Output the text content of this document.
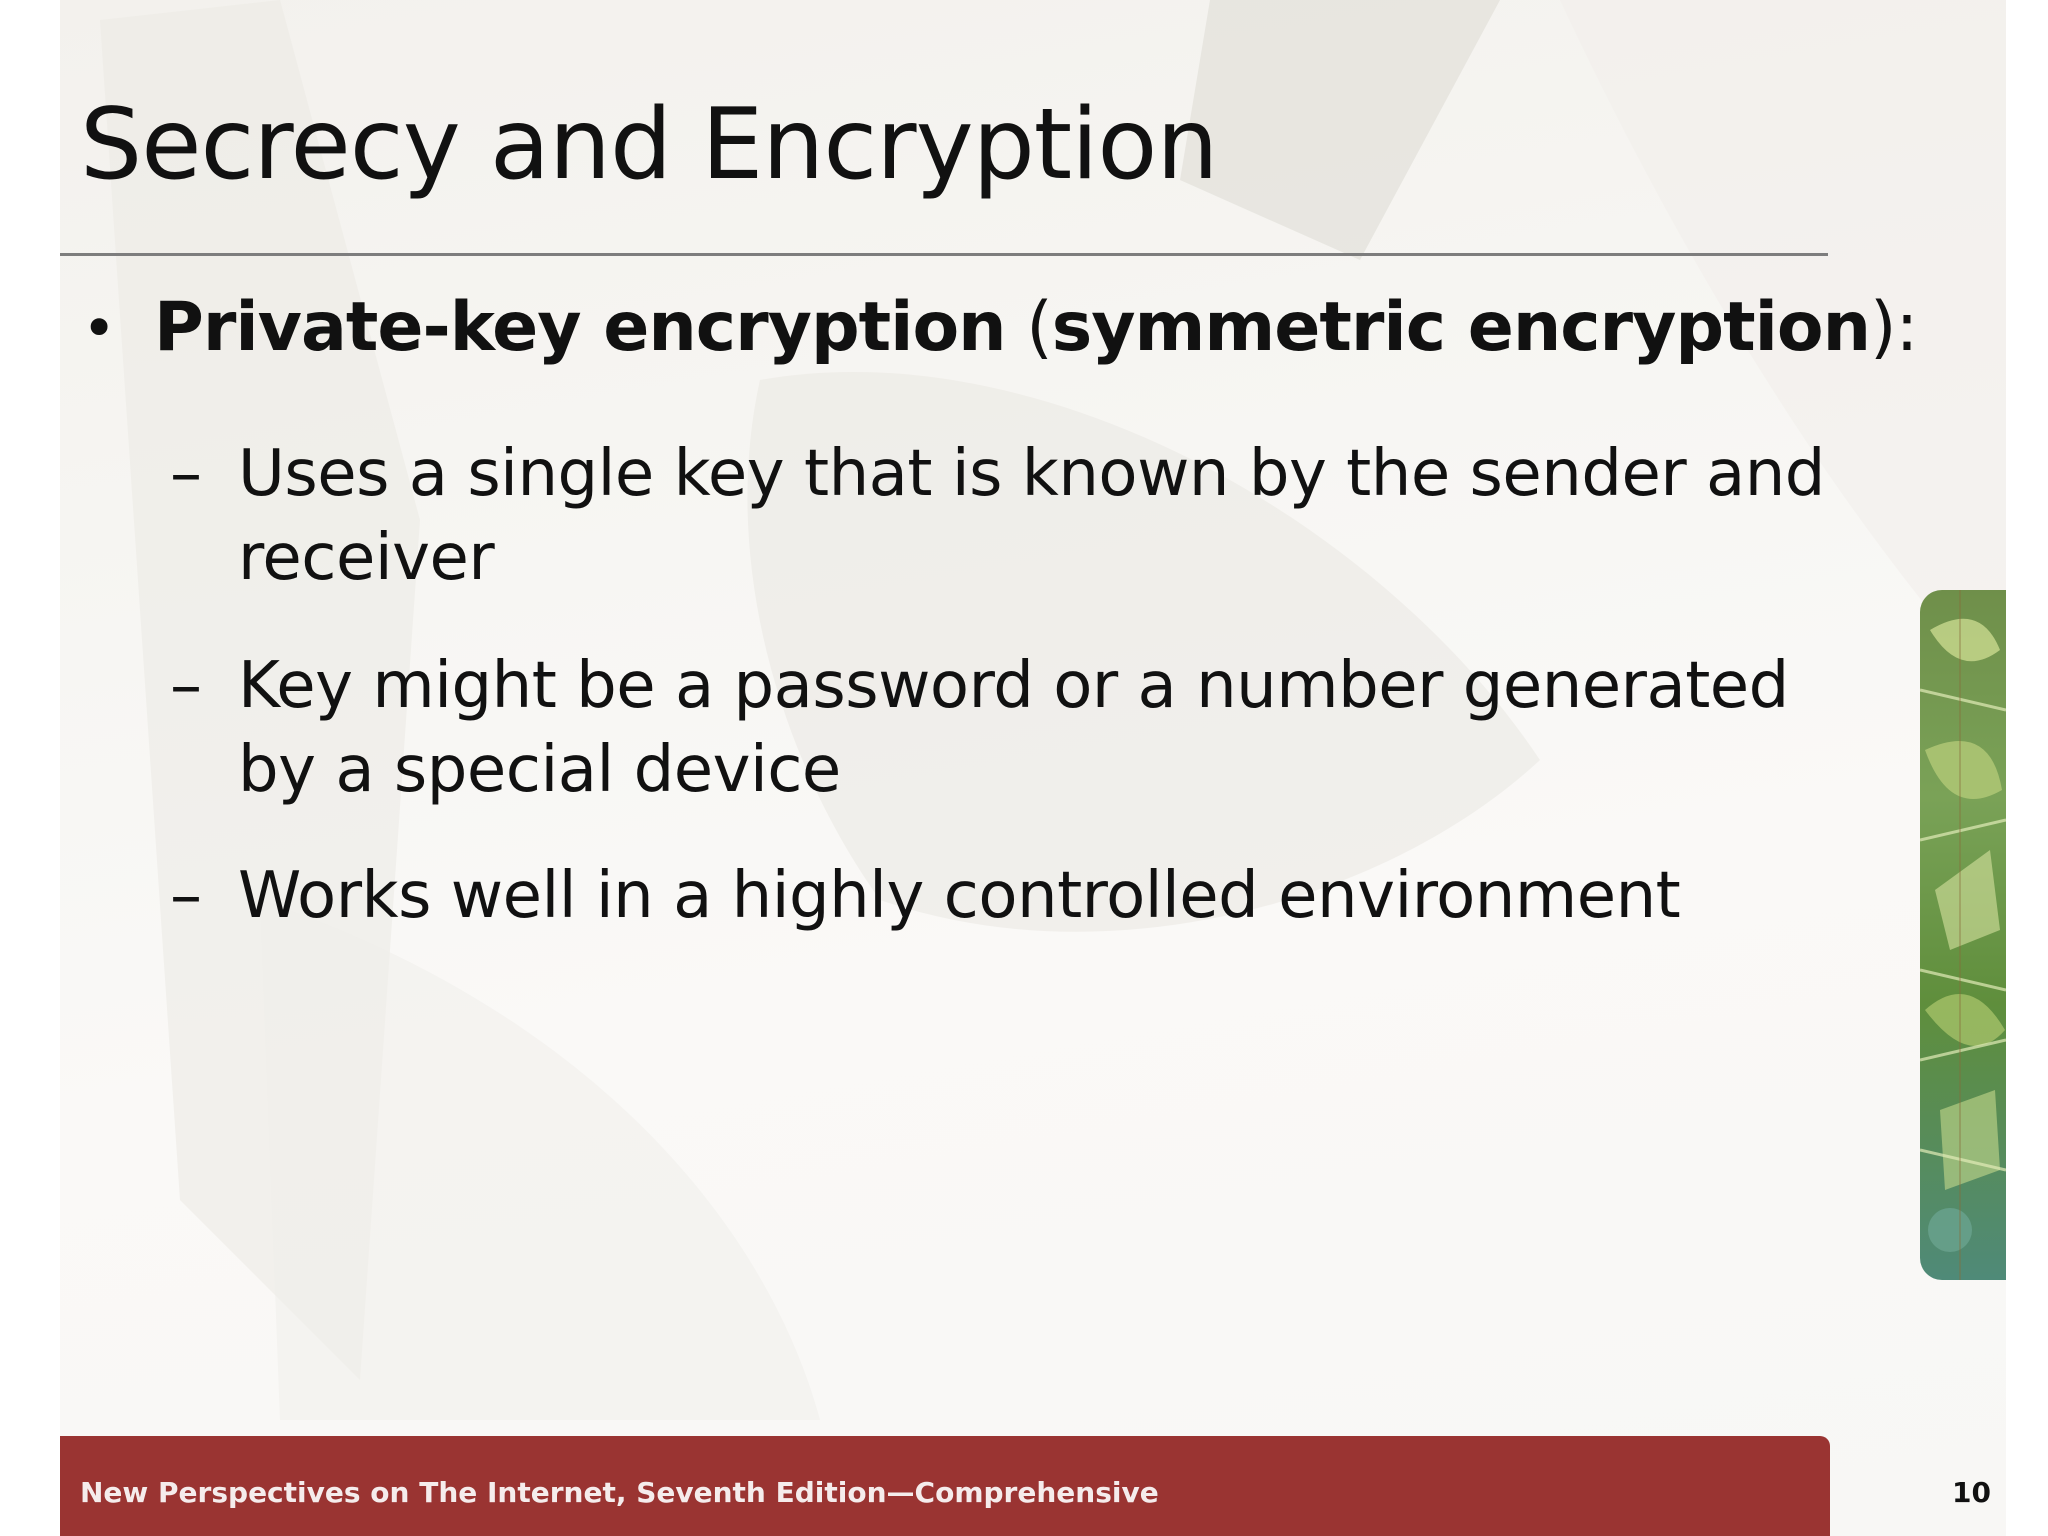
Secrecy and Encryption
• Private-key encryption (symmetric encryption):
– Uses a single key that is known by the sender and receiver
– Key might be a password or a number generated by a special device
– Works well in a highly controlled environment
New Perspectives on The Internet, Seventh Edition—Comprehensive	10
